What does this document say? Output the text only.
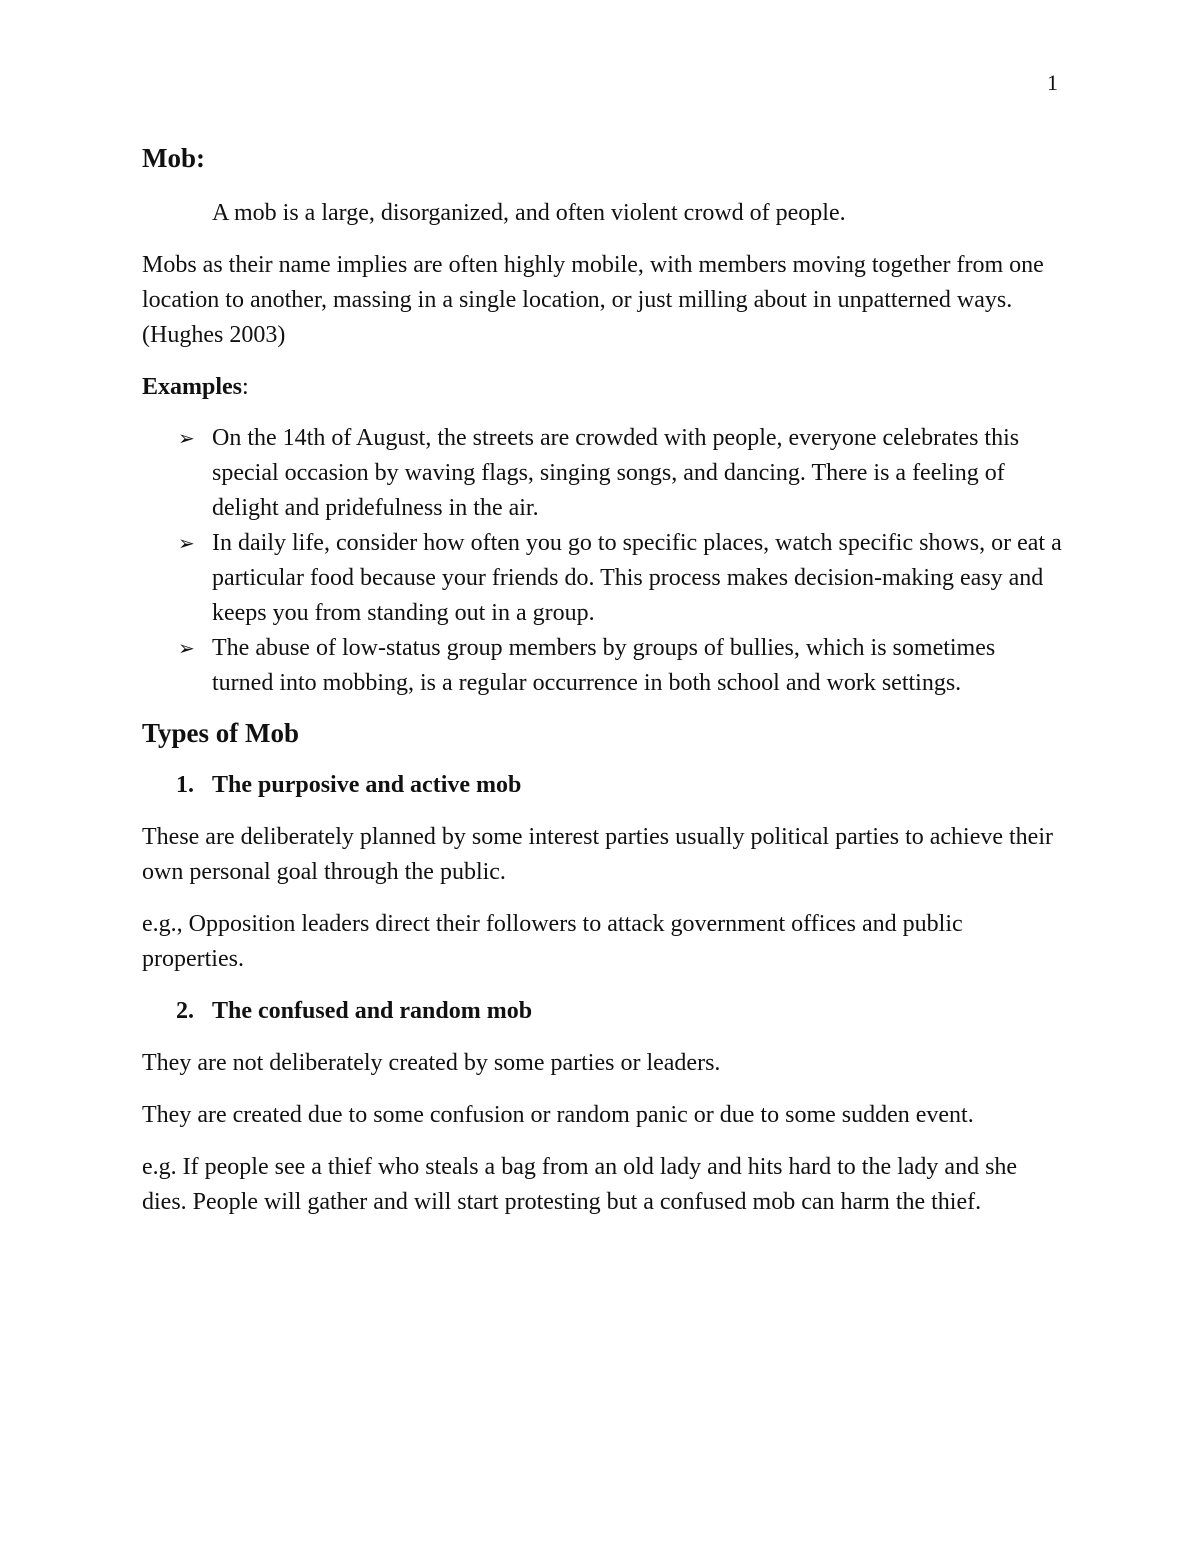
1
Mob:

A mob is a large, disorganized, and often violent crowd of people.

Mobs as their name implies are often highly mobile, with members moving together from one location to another, massing in a single location, or just milling about in unpatterned ways. (Hughes 2003)

Examples:

➢ On the 14th of August, the streets are crowded with people, everyone celebrates this special occasion by waving flags, singing songs, and dancing. There is a feeling of delight and pridefulness in the air.
➢ In daily life, consider how often you go to specific places, watch specific shows, or eat a particular food because your friends do. This process makes decision-making easy and keeps you from standing out in a group.
➢ The abuse of low-status group members by groups of bullies, which is sometimes turned into mobbing, is a regular occurrence in both school and work settings.
Types of Mob
1. The purposive and active mob

These are deliberately planned by some interest parties usually political parties to achieve their own personal goal through the public.

e.g., Opposition leaders direct their followers to attack government offices and public properties.

2. The confused and random mob

They are not deliberately created by some parties or leaders.

They are created due to some confusion or random panic or due to some sudden event.

e.g. If people see a thief who steals a bag from an old lady and hits hard to the lady and she dies. People will gather and will start protesting but a confused mob can harm the thief.
